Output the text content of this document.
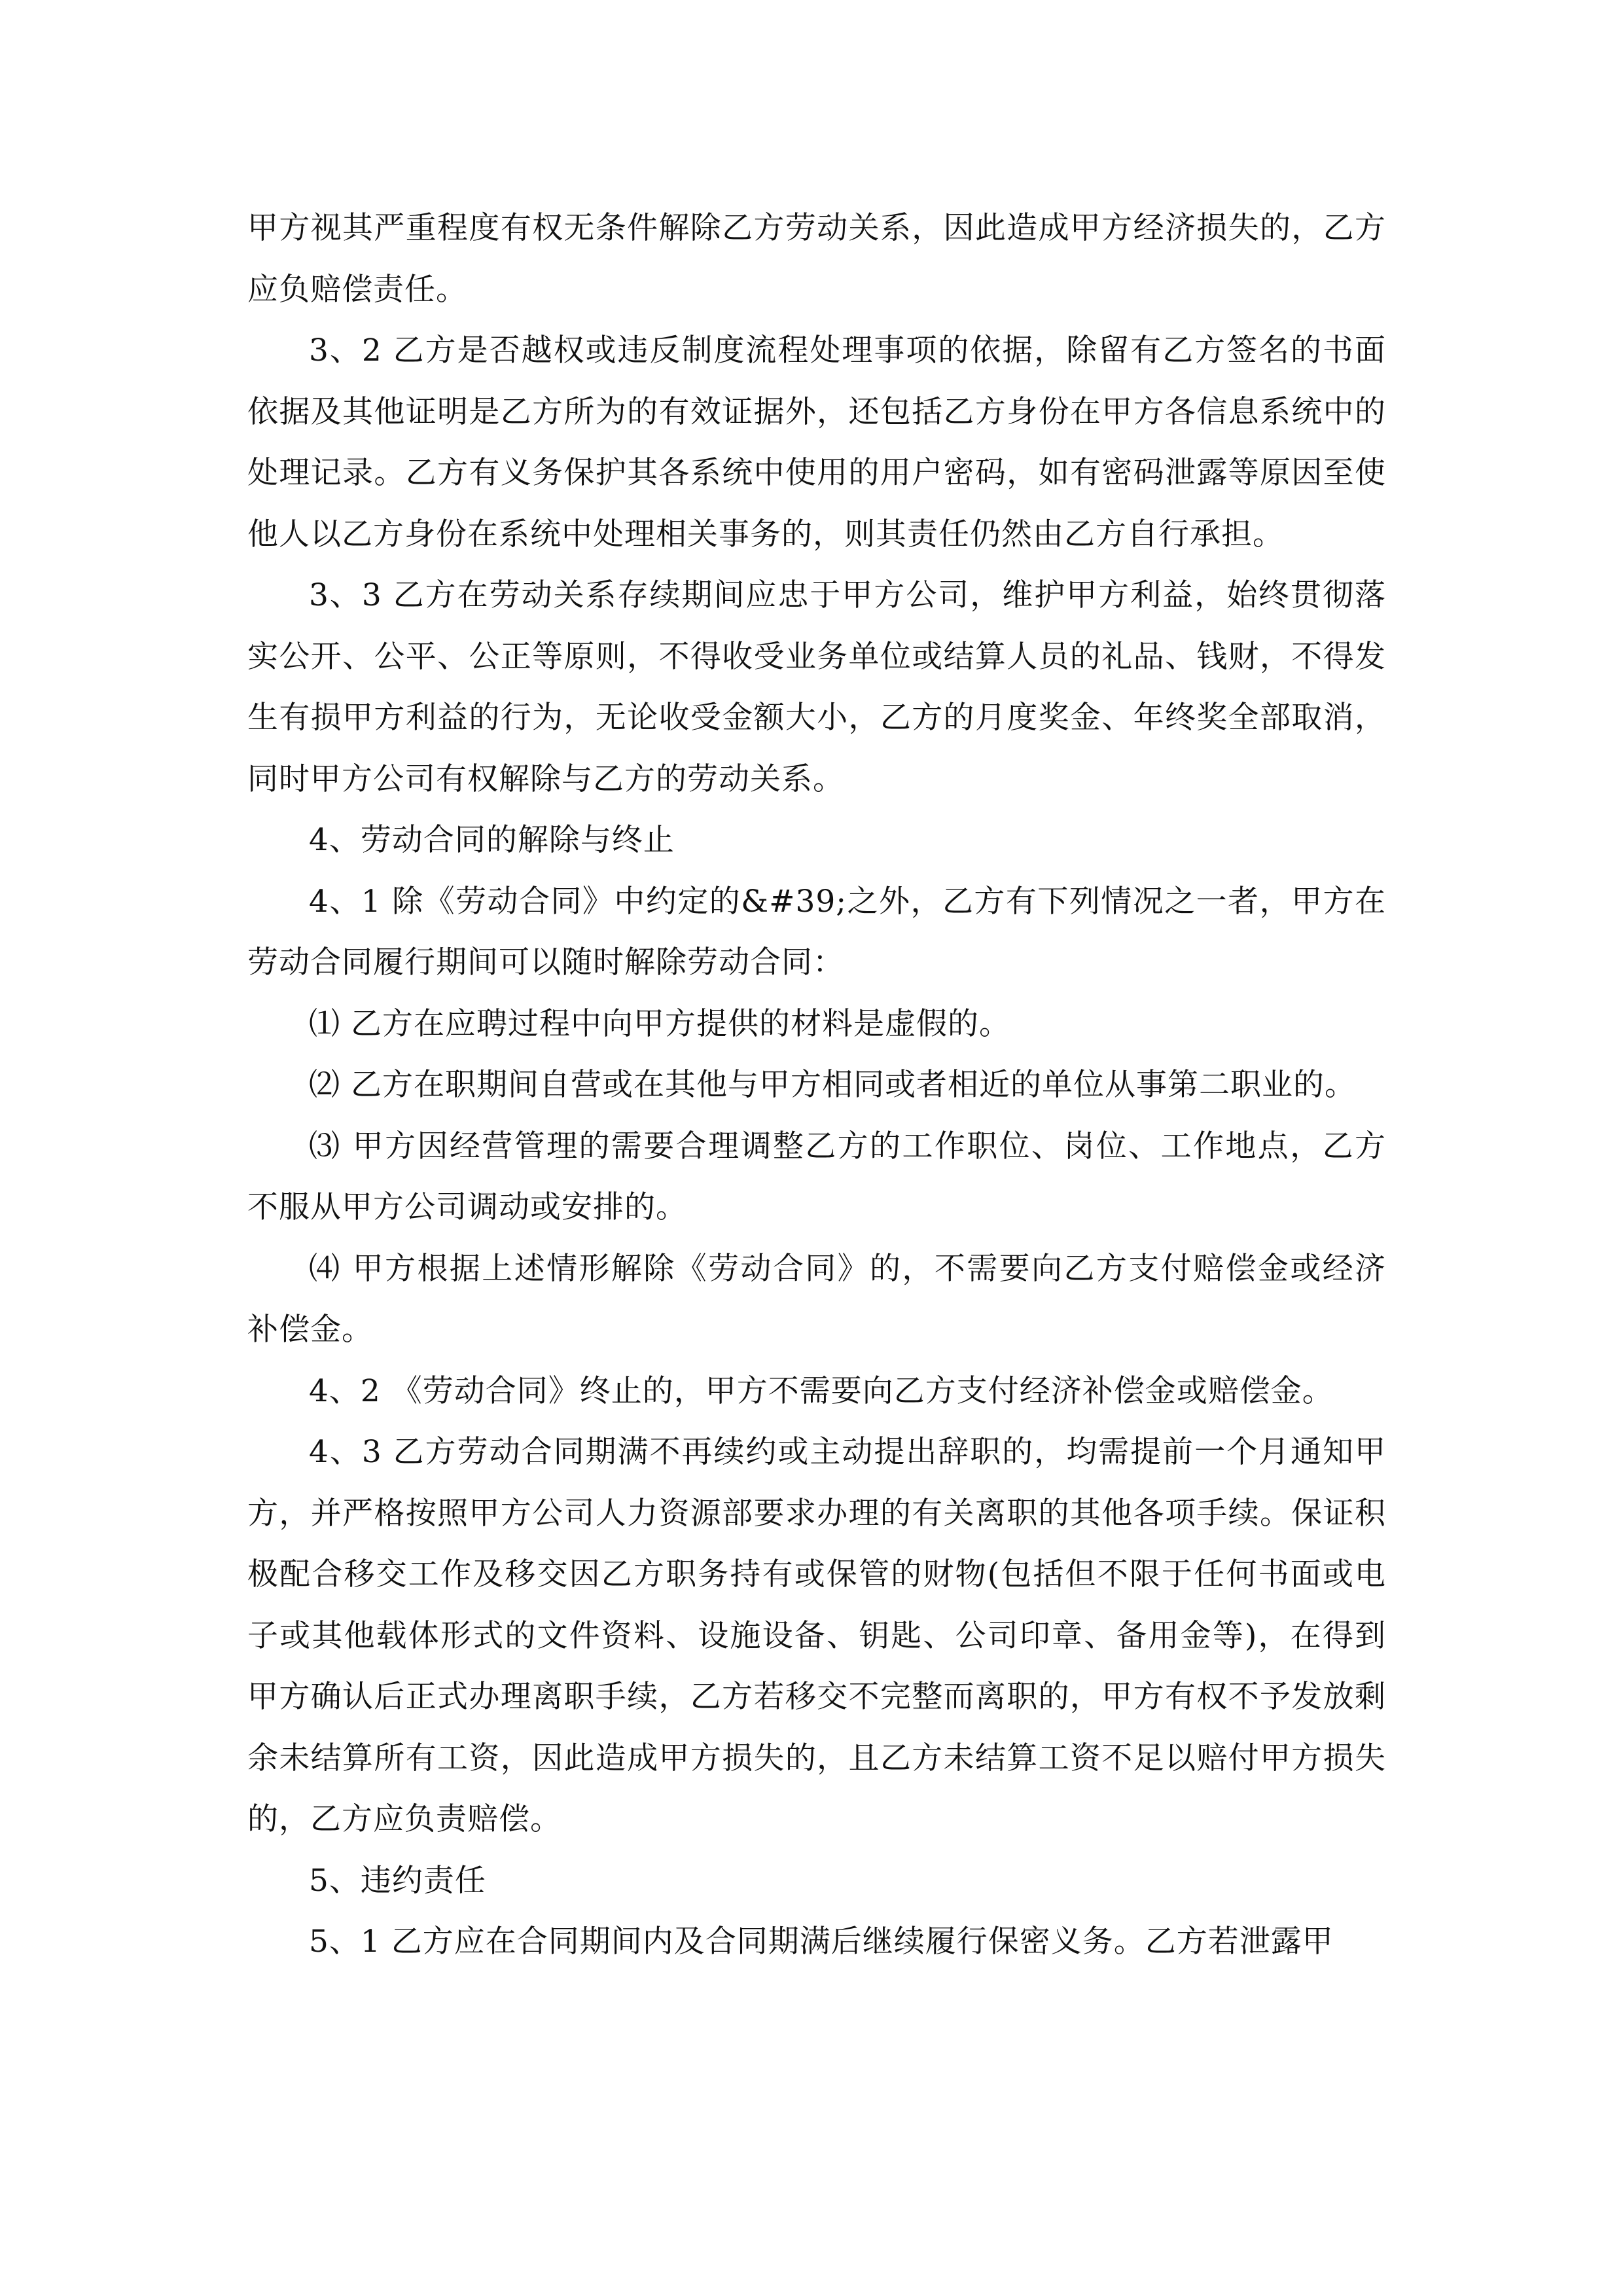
甲方视其严重程度有权无条件解除乙方劳动关系，因此造成甲方经济损失的，乙方应负赔偿责任。

3、2 乙方是否越权或违反制度流程处理事项的依据，除留有乙方签名的书面依据及其他证明是乙方所为的有效证据外，还包括乙方身份在甲方各信息系统中的处理记录。乙方有义务保护其各系统中使用的用户密码，如有密码泄露等原因至使他人以乙方身份在系统中处理相关事务的，则其责任仍然由乙方自行承担。

3、3 乙方在劳动关系存续期间应忠于甲方公司，维护甲方利益，始终贯彻落实公开、公平、公正等原则，不得收受业务单位或结算人员的礼品、钱财，不得发生有损甲方利益的行为，无论收受金额大小，乙方的月度奖金、年终奖全部取消，同时甲方公司有权解除与乙方的劳动关系。

4、劳动合同的解除与终止

4、1 除《劳动合同》中约定的&#39;之外，乙方有下列情况之一者，甲方在劳动合同履行期间可以随时解除劳动合同：

⑴ 乙方在应聘过程中向甲方提供的材料是虚假的。

⑵ 乙方在职期间自营或在其他与甲方相同或者相近的单位从事第二职业的。

⑶ 甲方因经营管理的需要合理调整乙方的工作职位、岗位、工作地点，乙方不服从甲方公司调动或安排的。

⑷ 甲方根据上述情形解除《劳动合同》的，不需要向乙方支付赔偿金或经济补偿金。

4、2 《劳动合同》终止的，甲方不需要向乙方支付经济补偿金或赔偿金。

4、3 乙方劳动合同期满不再续约或主动提出辞职的，均需提前一个月通知甲方，并严格按照甲方公司人力资源部要求办理的有关离职的其他各项手续。保证积极配合移交工作及移交因乙方职务持有或保管的财物(包括但不限于任何书面或电子或其他载体形式的文件资料、设施设备、钥匙、公司印章、备用金等)，在得到甲方确认后正式办理离职手续，乙方若移交不完整而离职的，甲方有权不予发放剩余未结算所有工资，因此造成甲方损失的，且乙方未结算工资不足以赔付甲方损失的，乙方应负责赔偿。

5、违约责任

5、1 乙方应在合同期间内及合同期满后继续履行保密义务。乙方若泄露甲
